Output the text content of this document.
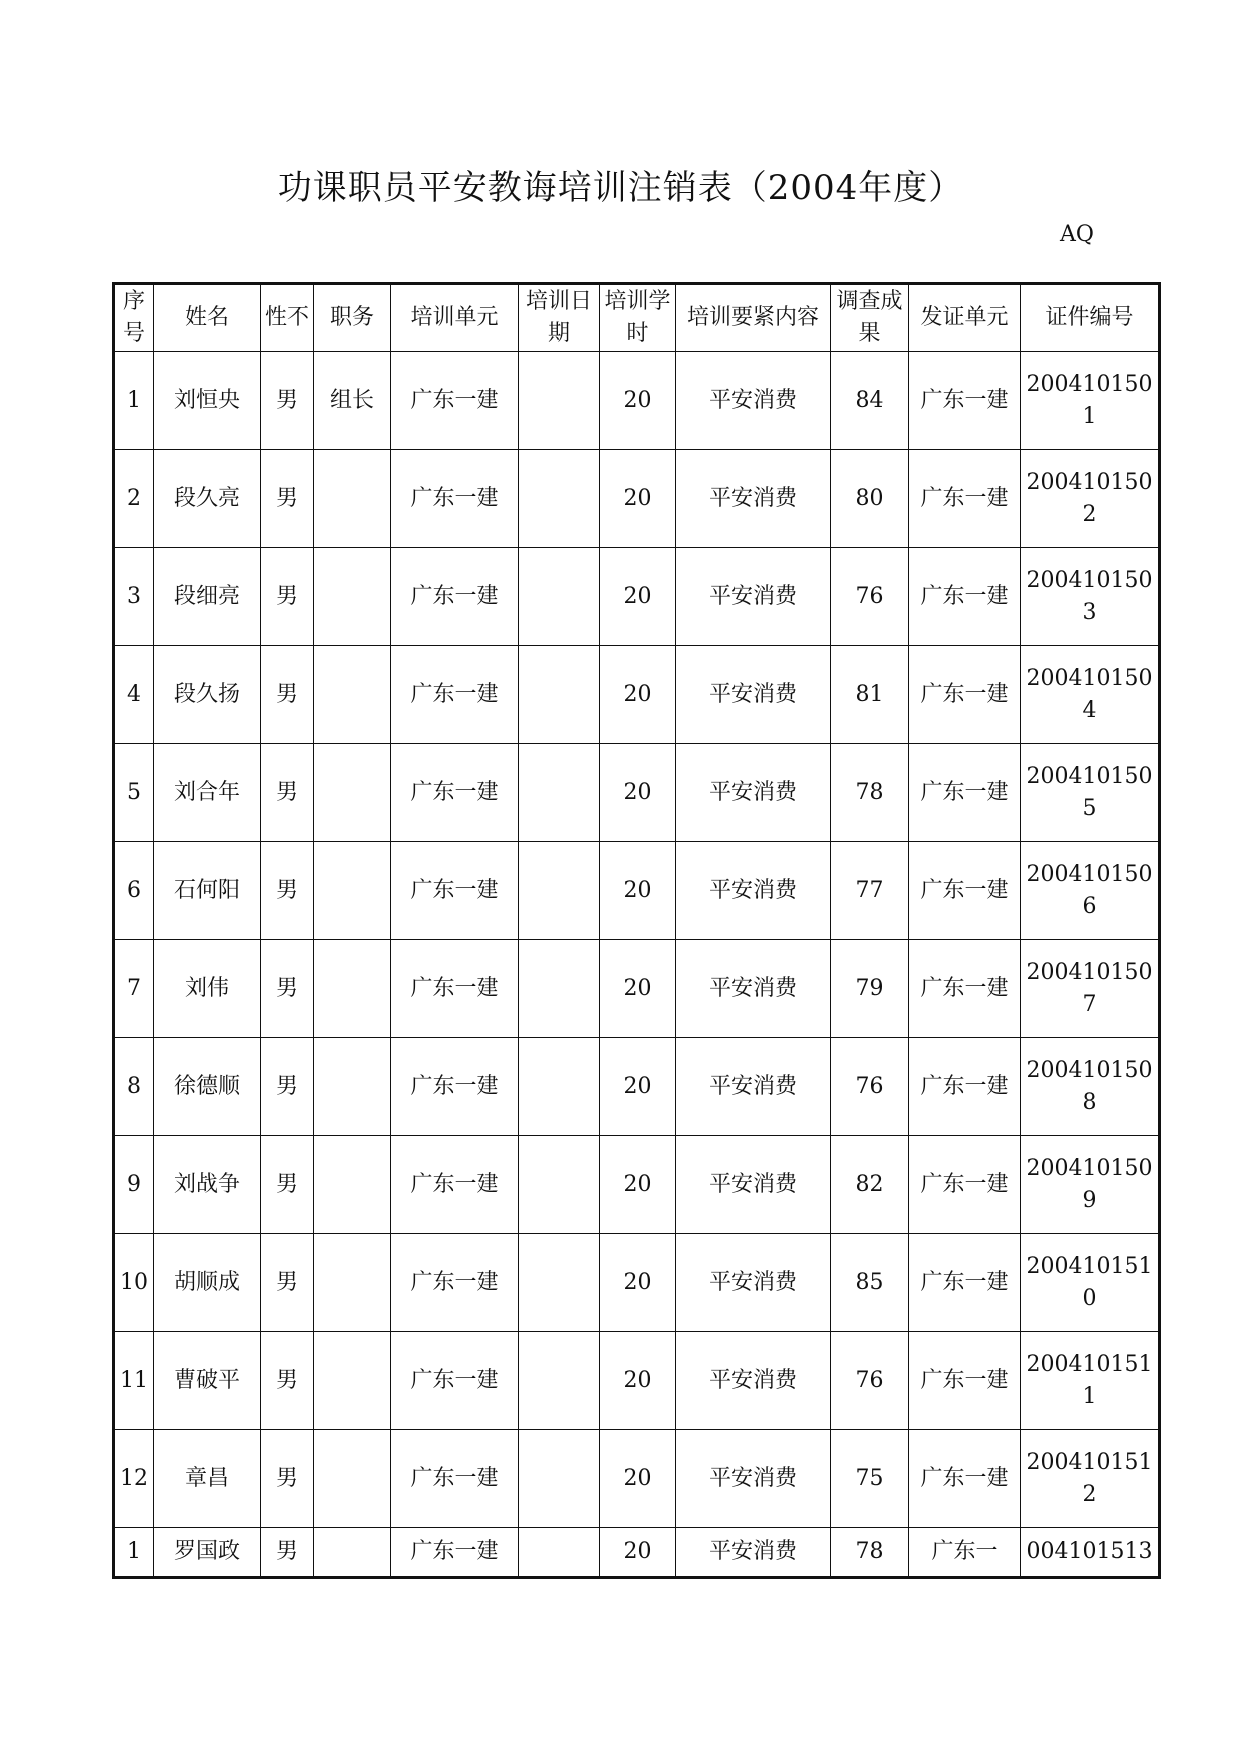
功课职员平安教诲培训注销表（2004年度）
AQ
序号	姓名	性不	职务	培训单元	培训日期	培训学时	培训要紧内容	调查成果	发证单元	证件编号
1	刘恒央	男	组长	广东一建		20	平安消费	84	广东一建	2004101501
2	段久亮	男		广东一建		20	平安消费	80	广东一建	2004101502
3	段细亮	男		广东一建		20	平安消费	76	广东一建	2004101503
4	段久扬	男		广东一建		20	平安消费	81	广东一建	2004101504
5	刘合年	男		广东一建		20	平安消费	78	广东一建	2004101505
6	石何阳	男		广东一建		20	平安消费	77	广东一建	2004101506
7	刘伟	男		广东一建		20	平安消费	79	广东一建	2004101507
8	徐德顺	男		广东一建		20	平安消费	76	广东一建	2004101508
9	刘战争	男		广东一建		20	平安消费	82	广东一建	2004101509
10	胡顺成	男		广东一建		20	平安消费	85	广东一建	2004101510
11	曹破平	男		广东一建		20	平安消费	76	广东一建	2004101511
12	章昌	男		广东一建		20	平安消费	75	广东一建	2004101512
1	罗国政	男		广东一建		20	平安消费	78	广东一	004101513
